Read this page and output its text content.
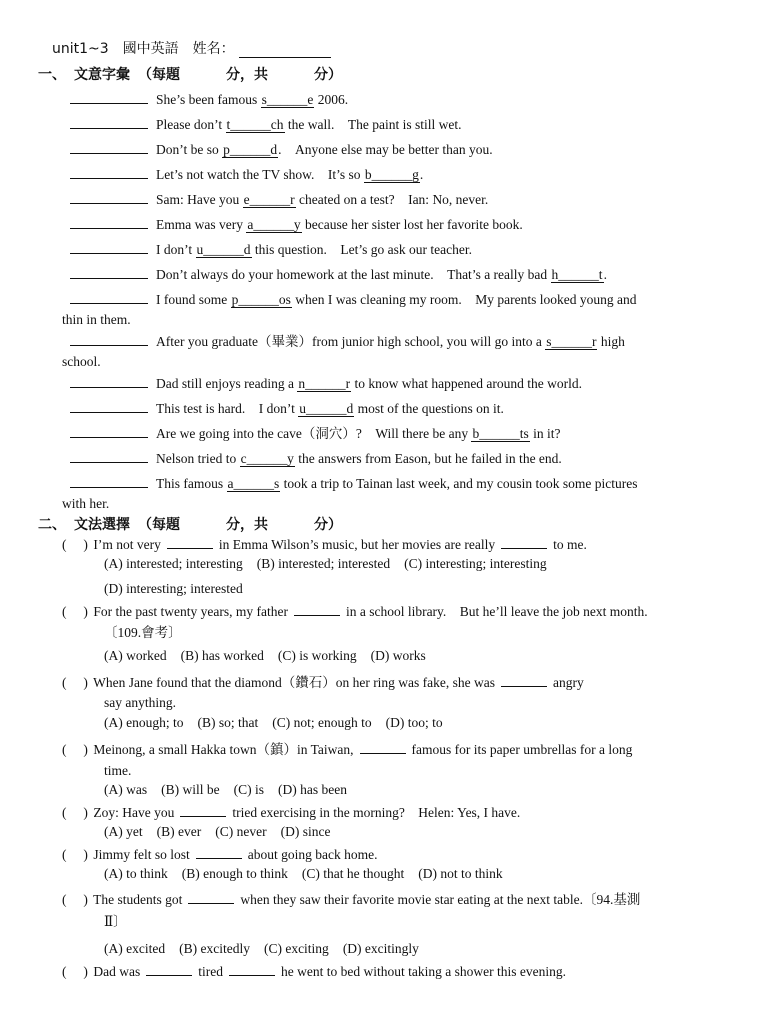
unit1~3　國中英語　姓名：
一、 文意字彙 （每題	分，共	分）
She’s been famous s______e 2006.
Please don’t t______ch the wall.　The paint is still wet.
Don’t be so p______d.　Anyone else may be better than you.
Let’s not watch the TV show.　It’s so b______g.
Sam: Have you e______r cheated on a test?　Ian: No, never.
Emma was very a______y because her sister lost her favorite book.
I don’t u______d this question.　Let’s go ask our teacher.
Don’t always do your homework at the last minute.　That’s a really bad h______t.
I found some p______os when I was cleaning my room.　My parents looked young and
thin in them.
After you graduate（畢業）from junior high school, you will go into a s______r high
school.
Dad still enjoys reading a n______r to know what happened around the world.
This test is hard.　I don’t u______d most of the questions on it.
Are we going into the cave（洞穴）?　Will there be any b______ts in it?
Nelson tried to c______y the answers from Eason, but he failed in the end.
This famous a______s took a trip to Tainan last week, and my cousin took some pictures
with her.
二、 文法選擇 （每題	分，共	分）
(　 ) I’m not very	in Emma Wilson’s music, but her movies are really	to me.
(A) interested; interesting (B) interested; interested (C) interesting; interesting
(D) interesting; interested
(　 ) For the past twenty years, my father	in a school library.　But he’ll leave the job next month.
〔109.會考〕
(A) worked (B) has worked (C) is working (D) works
(　 ) When Jane found that the diamond（鑽石）on her ring was fake, she was	angry
say anything.
(A) enough; to (B) so; that (C) not; enough to (D) too; to
(　 ) Meinong, a small Hakka town（鎮）in Taiwan,	famous for its paper umbrellas for a long
time.
(A) was (B) will be (C) is (D) has been
(　 ) Zoy: Have you	tried exercising in the morning?　Helen: Yes, I have.
(A) yet (B) ever (C) never (D) since
(　 ) Jimmy felt so lost	about going back home.
(A) to think (B) enough to think (C) that he thought (D) not to think
(　 ) The students got	when they saw their favorite movie star eating at the next table.〔94.基測
Ⅱ〕
(A) excited (B) excitedly (C) exciting (D) excitingly
(　 ) Dad was	tired	he went to bed without taking a shower this evening.
